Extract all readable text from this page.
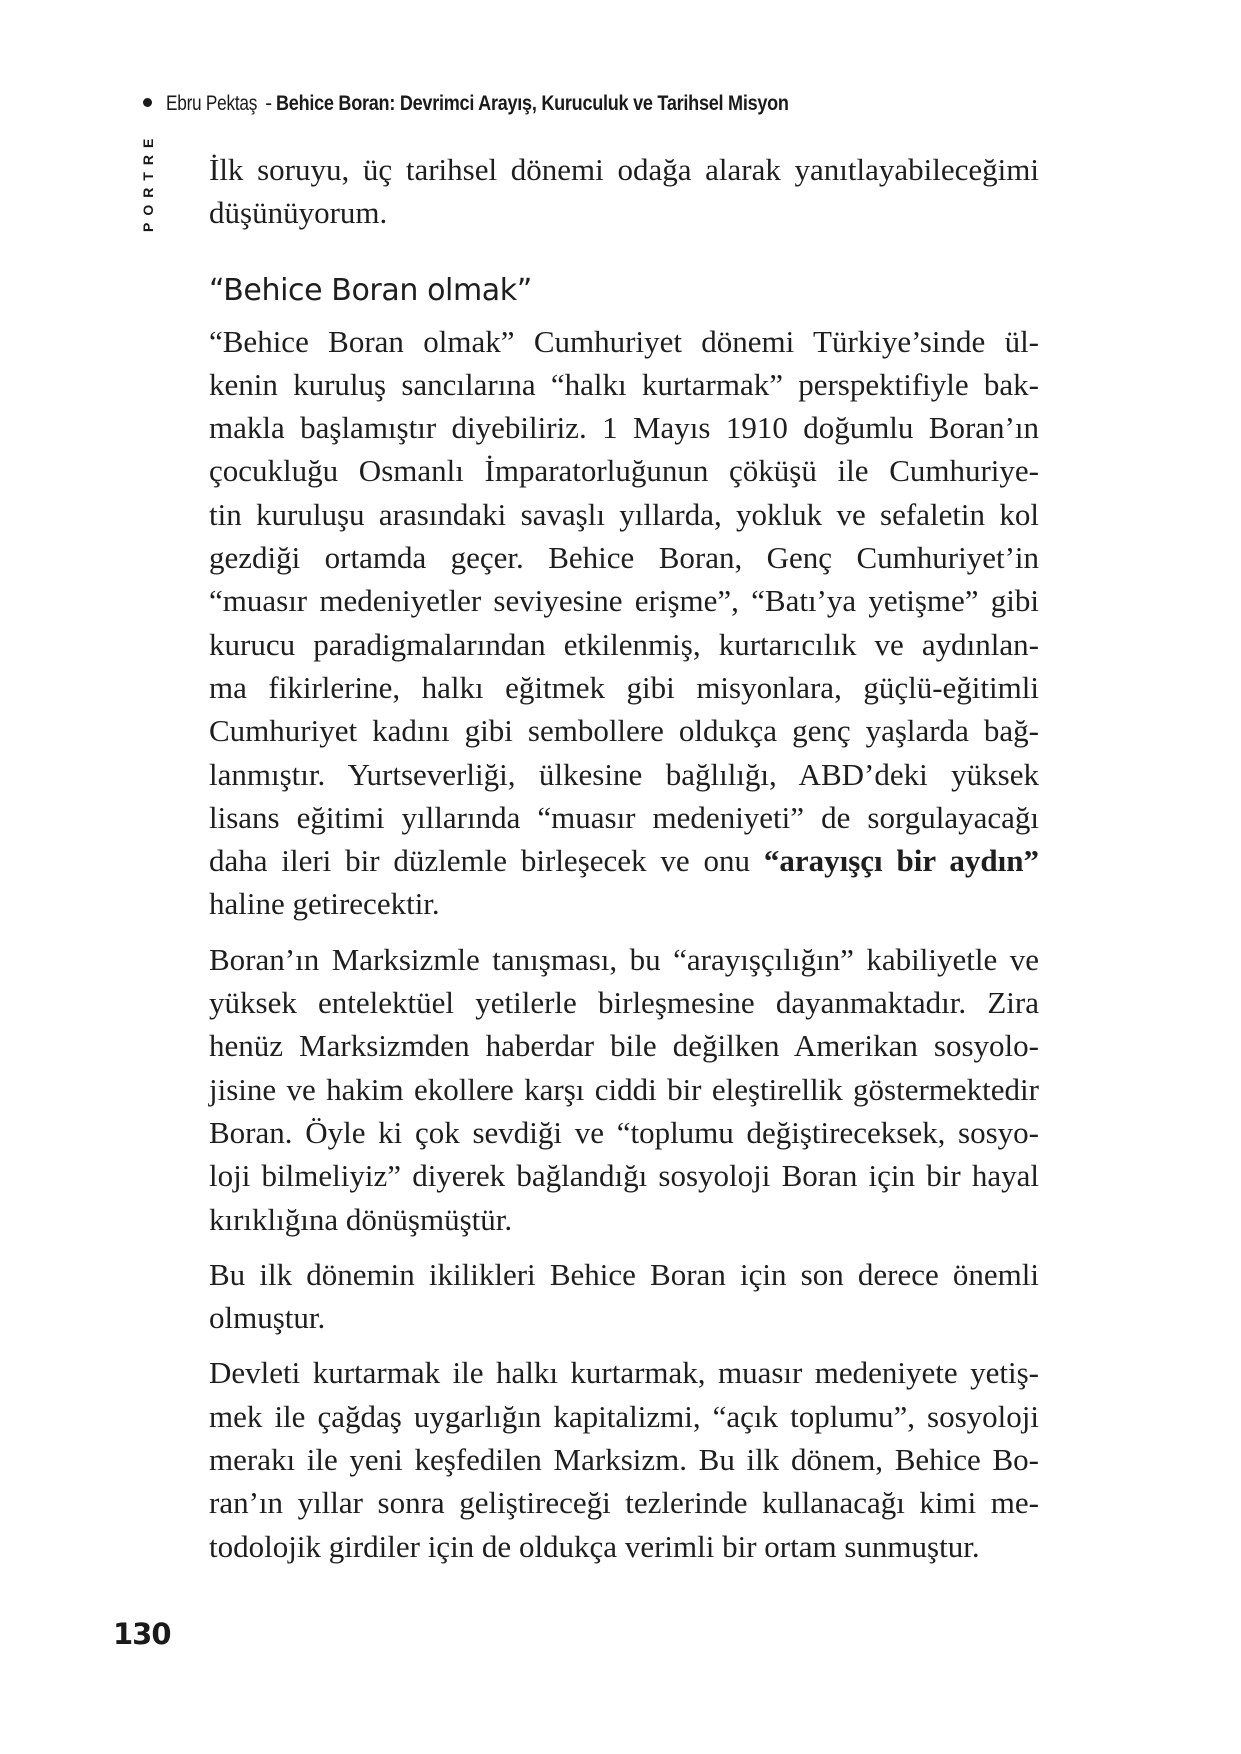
Ebru Pektaş - Behice Boran: Devrimci Arayış, Kuruculuk ve Tarihsel Misyon
PORTRE İlk soruyu, üç tarihsel dönemi odağa alarak yanıtlayabileceğimi
düşünüyorum.
“Behice Boran olmak”
“Behice Boran olmak” Cumhuriyet dönemi Türkiye’sinde ül-
kenin kuruluş sancılarına “halkı kurtarmak” perspektifiyle bak-
makla başlamıştır diyebiliriz. 1 Mayıs 1910 doğumlu Boran’ın
çocukluğu Osmanlı İmparatorluğunun çöküşü ile Cumhuriye-
tin kuruluşu arasındaki savaşlı yıllarda, yokluk ve sefaletin kol
gezdiği ortamda geçer. Behice Boran, Genç Cumhuriyet’in
“muasır medeniyetler seviyesine erişme”, “Batı’ya yetişme” gibi
kurucu paradigmalarından etkilenmiş, kurtarıcılık ve aydınlan-
ma fikirlerine, halkı eğitmek gibi misyonlara, güçlü-eğitimli
Cumhuriyet kadını gibi sembollere oldukça genç yaşlarda bağ-
lanmıştır. Yurtseverliği, ülkesine bağlılığı, ABD’deki yüksek
lisans eğitimi yıllarında “muasır medeniyeti” de sorgulayacağı
daha ileri bir düzlemle birleşecek ve onu “arayışçı bir aydın”
haline getirecektir.
Boran’ın Marksizmle tanışması, bu “arayışçılığın” kabiliyetle ve
yüksek entelektüel yetilerle birleşmesine dayanmaktadır. Zira
henüz Marksizmden haberdar bile değilken Amerikan sosyolo-
jisine ve hakim ekollere karşı ciddi bir eleştirellik göstermektedir
Boran. Öyle ki çok sevdiği ve “toplumu değiştireceksek, sosyo-
loji bilmeliyiz” diyerek bağlandığı sosyoloji Boran için bir hayal
kırıklığına dönüşmüştür.
Bu ilk dönemin ikilikleri Behice Boran için son derece önemli
olmuştur.
Devleti kurtarmak ile halkı kurtarmak, muasır medeniyete yetiş-
mek ile çağdaş uygarlığın kapitalizmi, “açık toplumu”, sosyoloji
merakı ile yeni keşfedilen Marksizm. Bu ilk dönem, Behice Bo-
ran’ın yıllar sonra geliştireceği tezlerinde kullanacağı kimi me-
todolojik girdiler için de oldukça verimli bir ortam sunmuştur.
130
